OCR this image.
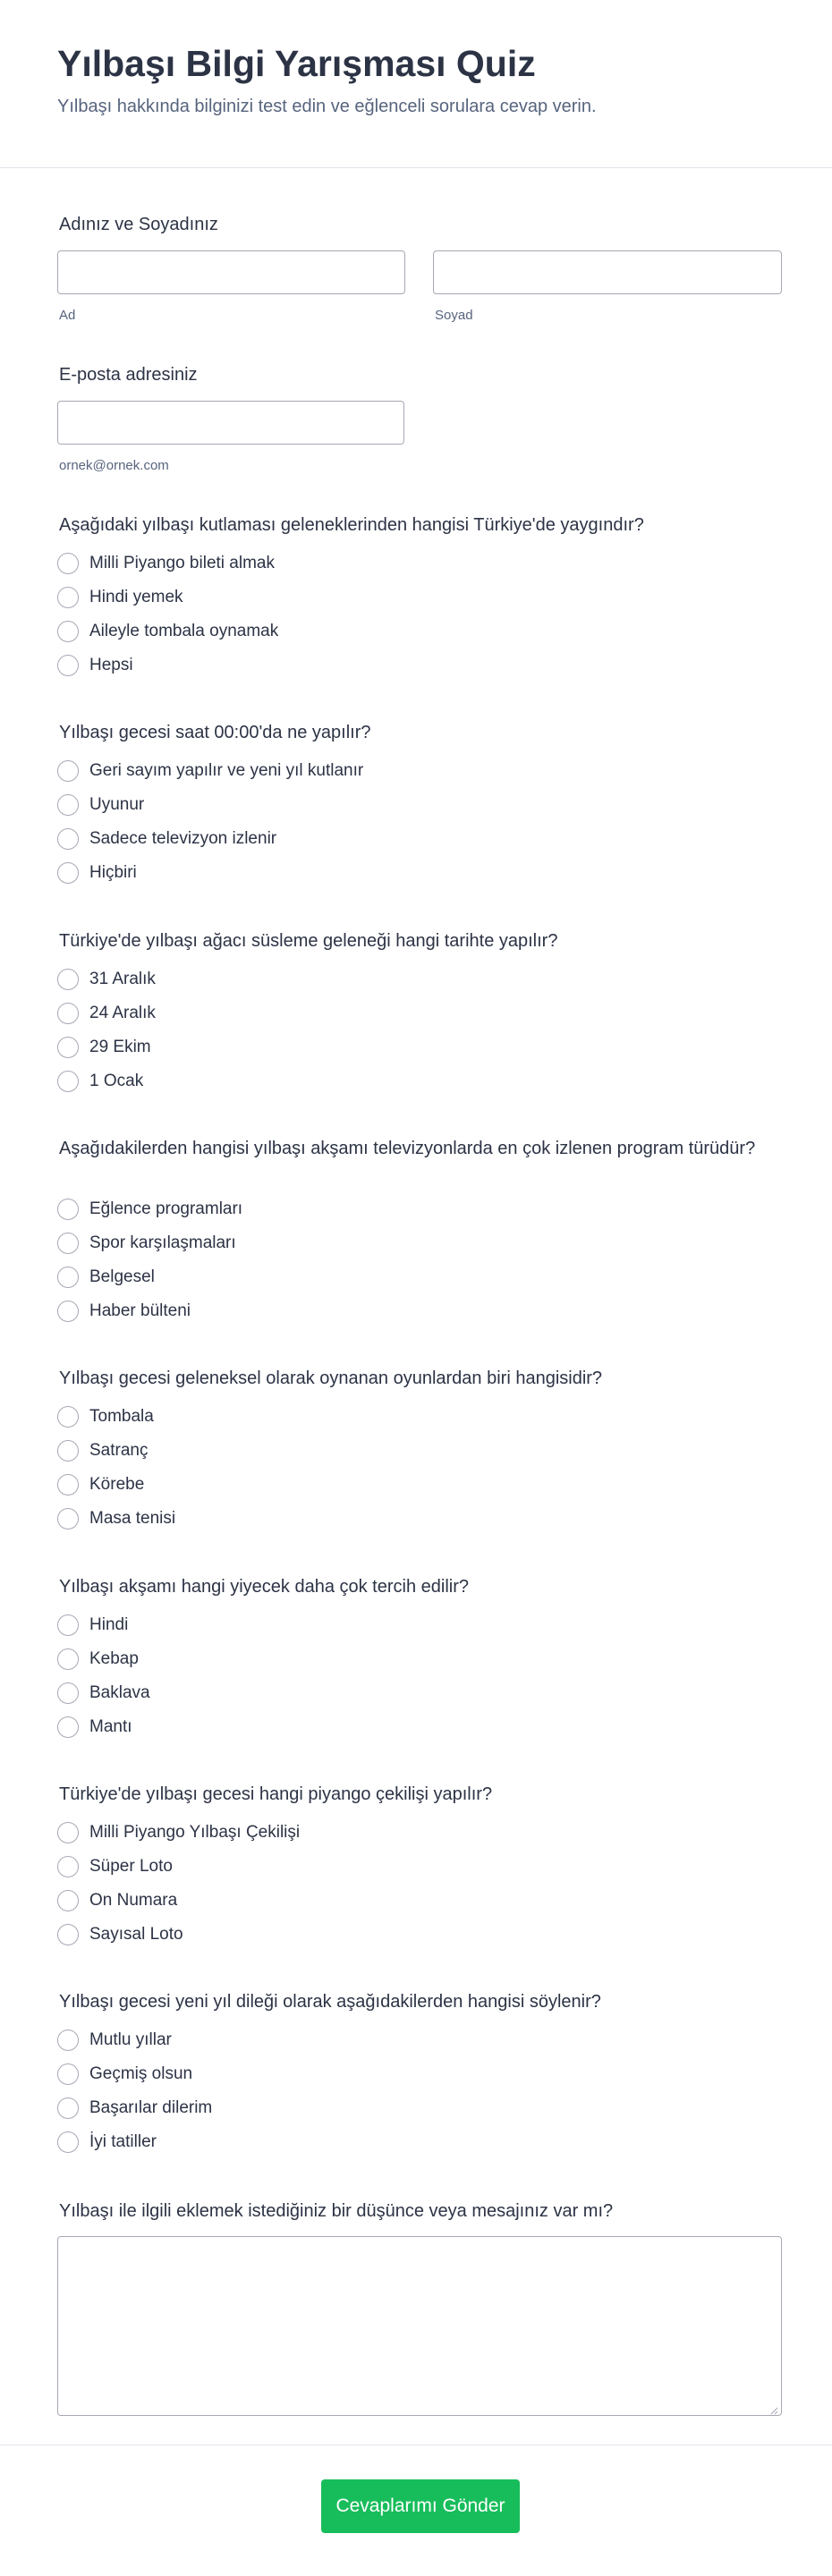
Yılbaşı Bilgi Yarışması Quiz
Yılbaşı hakkında bilginizi test edin ve eğlenceli sorulara cevap verin.
Adınız ve Soyadınız
Ad	Soyad
E-posta adresiniz
ornek@ornek.com
Aşağıdaki yılbaşı kutlaması geleneklerinden hangisi Türkiye'de yaygındır?
Milli Piyango bileti almak
Hindi yemek
Aileyle tombala oynamak
Hepsi
Yılbaşı gecesi saat 00:00'da ne yapılır?
Geri sayım yapılır ve yeni yıl kutlanır
Uyunur
Sadece televizyon izlenir
Hiçbiri
Türkiye'de yılbaşı ağacı süsleme geleneği hangi tarihte yapılır?
31 Aralık
24 Aralık
29 Ekim
1 Ocak
Aşağıdakilerden hangisi yılbaşı akşamı televizyonlarda en çok izlenen program türüdür?
Eğlence programları
Spor karşılaşmaları
Belgesel
Haber bülteni
Yılbaşı gecesi geleneksel olarak oynanan oyunlardan biri hangisidir?
Tombala
Satranç
Körebe
Masa tenisi
Yılbaşı akşamı hangi yiyecek daha çok tercih edilir?
Hindi
Kebap
Baklava
Mantı
Türkiye'de yılbaşı gecesi hangi piyango çekilişi yapılır?
Milli Piyango Yılbaşı Çekilişi
Süper Loto
On Numara
Sayısal Loto
Yılbaşı gecesi yeni yıl dileği olarak aşağıdakilerden hangisi söylenir?
Mutlu yıllar
Geçmiş olsun
Başarılar dilerim
İyi tatiller
Yılbaşı ile ilgili eklemek istediğiniz bir düşünce veya mesajınız var mı?
Cevaplarımı Gönder
